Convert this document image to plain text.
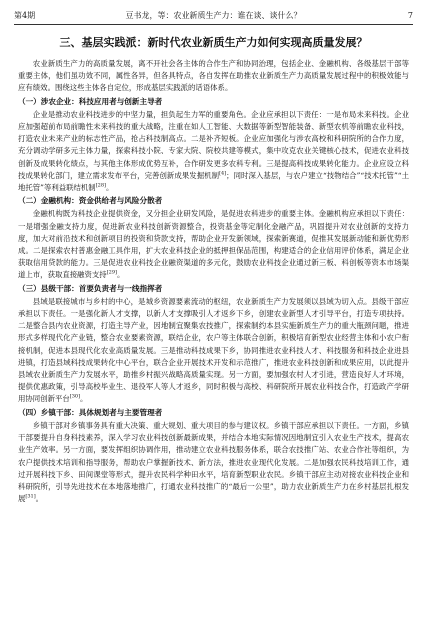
第4期	豆书龙，等：农业新质生产力：谁在谈、谈什么？	7
三、基层实践派：新时代农业新质生产力如何实现高质量发展？

农业新质生产力的高质量发展，离不开社会各主体的合作生产和协同治理，包括企业、金融机构、各级基层干部等重要主体，他们虽功效不同，属性各异，但各具特点，各自发挥在助推农业新质生产力高质量发展过程中的积极效能与应有绩效。围绕这些主体各自定位，形成基层实践派的话语体系。

（一）涉农企业：科技应用者与创新主导者

企业是推动农业科技进步的中坚力量，担负起生力军的重要角色。企业应承担以下责任：一是布局未来科技。企业应加强超前布局前瞻性未来科技的重大战略，注重在如人工智能、大数据等新型智能装备、新型农机等前瞻农业科技，打造农业未来产业的标志性产品，抢占科技制高点。二是补齐短板。企业应加强化与涉农高校和科研院所的合作力度，充分调动学研多元主体力量，探索科技小院、专家大院、院校共建等模式，集中攻克农业关键核心技术，促进农业科技创新及成果转化绩点，与其他主体形成优势互补，合作研发更多农科专利。三是提高科技成果转化能力。企业应设立科技成果转化部门，建立需求发布平台，完善创新成果发掘机制[4]；同时深入基层，与农户建立“技物结合”“技术托管”“土地托管”等利益联结机制[28]。

（二）金融机构：资金供给者与风险分散者

金融机构既为科技企业提供资金，又分担企业研发风险，是促进农科进步的重要主体。金融机构应承担以下责任：一是增强金融支持力度，促进新农业科技创新资源整合，投资基金等定制化金融产品，巩固提升对农业创新的支持力度，加大对前沿技术和创新项目的投资和贷款支持，帮助企业开发新领域，探索新赛道，促推其发展新动能和新优势形成。二是探索农村普惠金融工具作用，扩大农业科技企业的抵押担保品范围，构建适合的企业信用评价体系，满足企业获取信用贷款的能力。三是促进农业科技企业融资渠道的多元化，鼓励农业科技企业通过新三板、科创板等资本市场渠道上市，获取直接融资支持[29]。

（三）县级干部：首要负责者与一线指挥者

县域是联接城市与乡村的中心，是城乡资源要素流动的枢纽，农业新质生产力发展须以县域为切入点。县级干部应承担以下责任。一是强化新人才支撑，以新人才支撑吸引人才返乡下乡，创建农业新型人才引导平台，打造专项扶持。二是整合县内农业资源，打造主导产业，因地制宜聚集农技推广，探索制约本县实施新质生产力的重大瓶颈问题，推进形式多样现代化产业链，整合农业要素资源，联结企业，农户等主体联合创新，积极培育新型农业经营主体和小农户衔接机制，促进本县现代化农业高质量发展。三是推动科技成果下乡，协同推进农业科技人才、科技服务和科技企业进县进镇，打造县域科技成果转化中心平台，联合企业开展技术开发和示范推广，推进农业科技创新和成果应用，以此提升县域农业新质生产力发展水平，助推乡村振兴战略高质量实现。另一方面，要加强农村人才引进，营造良好人才环境，提供优惠政策，引导高校毕业生、退役军人等人才返乡，同时积极与高校、科研院所开展农业科技合作，打造政产学研用协同创新平台[30]。

（四）乡镇干部：具体规划者与主要管理者

乡镇干部对乡镇事务具有重大决策、重大规划、重大项目的参与建议权。乡镇干部应承担以下责任。一方面，乡镇干部要提升自身科技素养，深入学习农业科技创新最新成果，并结合本地实际情况因地制宜引入农业生产技术，提高农业生产效率。另一方面，要发挥组织协调作用，推动建立农业科技服务体系，联合农技推广站、农业合作社等组织，为农户提供技术培训和指导服务，帮助农户掌握新技术、新方法，推进农业现代化发展。二是加强农民科技培训工作，通过开展科技下乡、田间课堂等形式，提升农民科学种田水平，培育新型职业农民。乡镇干部应主动对接农业科技企业和科研院所，引导先进技术在本地落地推广，打通农业科技推广的“最后一公里”，助力农业新质生产力在乡村基层扎根发展[31]。
